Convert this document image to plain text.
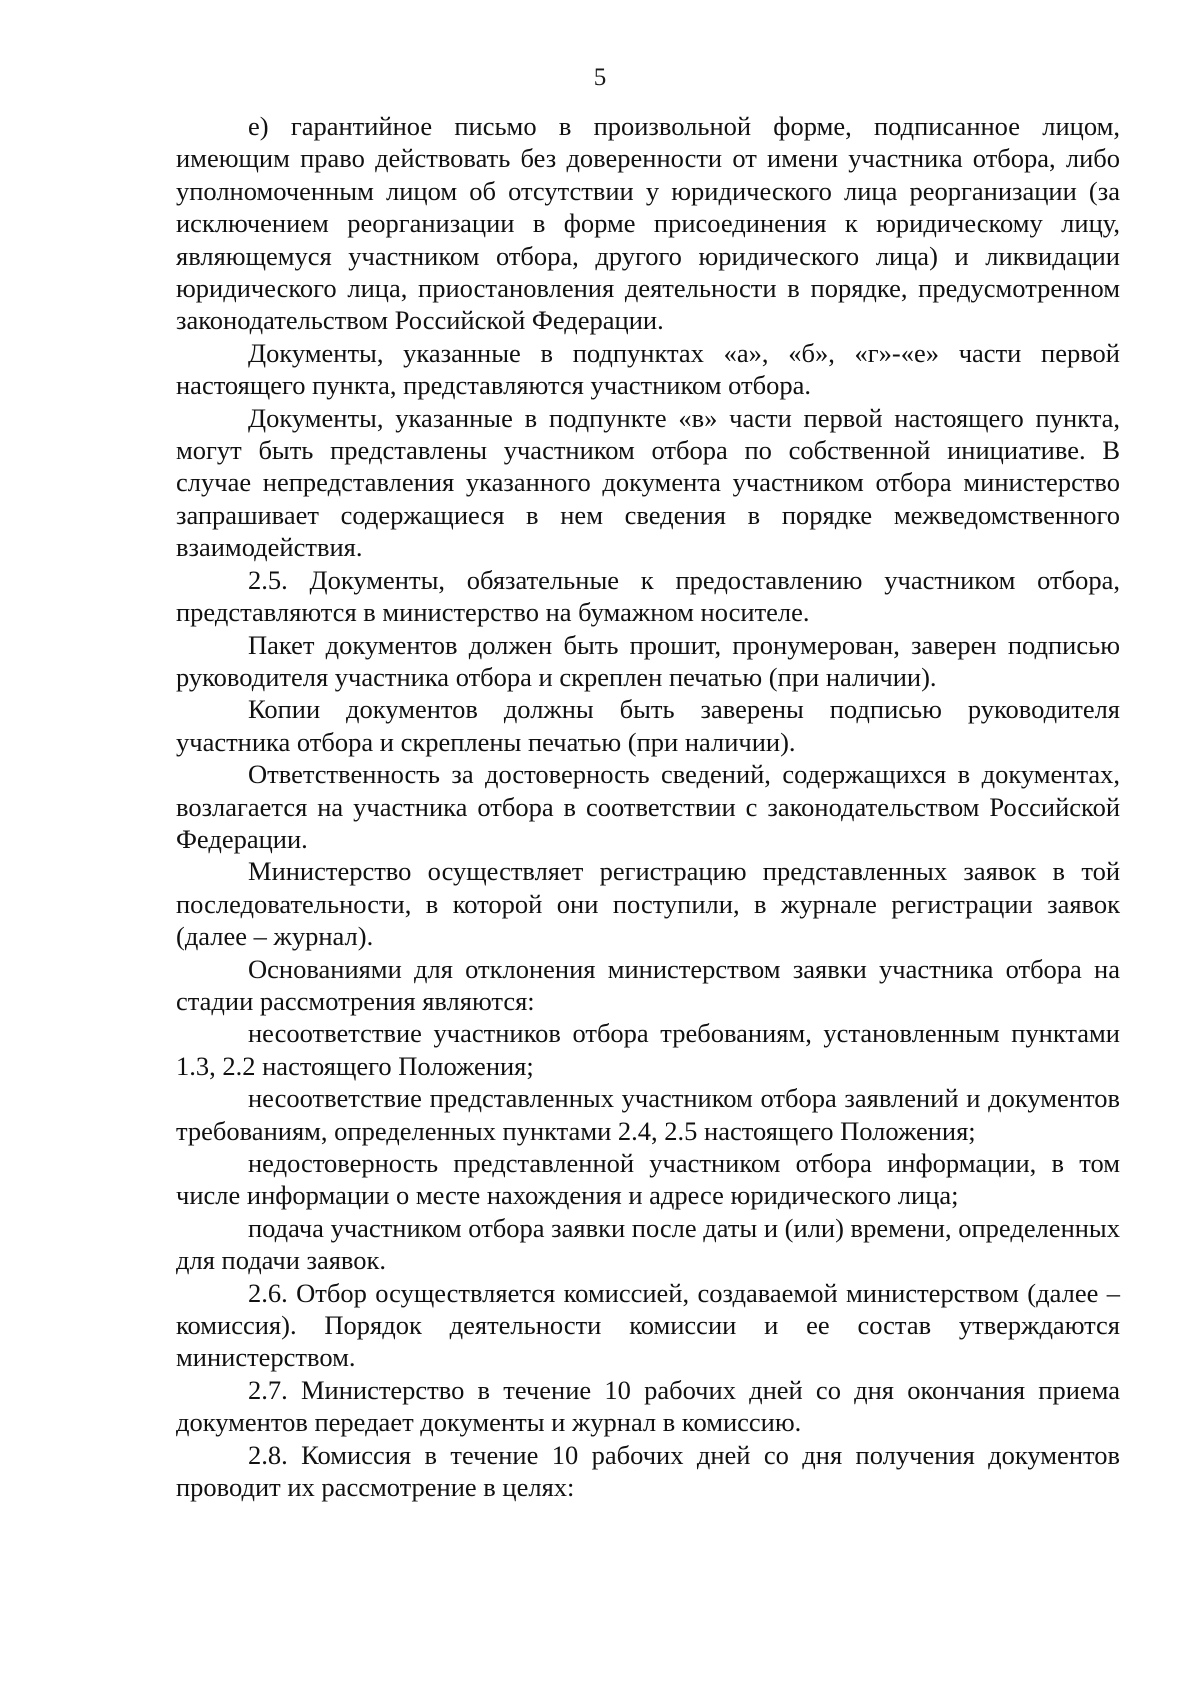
5

е) гарантийное письмо в произвольной форме, подписанное лицом, имеющим право действовать без доверенности от имени участника отбора, либо уполномоченным лицом об отсутствии у юридического лица реорганизации (за исключением реорганизации в форме присоединения к юридическому лицу, являющемуся участником отбора, другого юридического лица) и ликвидации юридического лица, приостановления деятельности в порядке, предусмотренном законодательством Российской Федерации.

Документы, указанные в подпунктах «а», «б», «г»-«е» части первой настоящего пункта, представляются участником отбора.

Документы, указанные в подпункте «в» части первой настоящего пункта, могут быть представлены участником отбора по собственной инициативе. В случае непредставления указанного документа участником отбора министерство запрашивает содержащиеся в нем сведения в порядке межведомственного взаимодействия.

2.5. Документы, обязательные к предоставлению участником отбора, представляются в министерство на бумажном носителе.

Пакет документов должен быть прошит, пронумерован, заверен подписью руководителя участника отбора и скреплен печатью (при наличии).

Копии документов должны быть заверены подписью руководителя участника отбора и скреплены печатью (при наличии).

Ответственность за достоверность сведений, содержащихся в документах, возлагается на участника отбора в соответствии с законодательством Российской Федерации.

Министерство осуществляет регистрацию представленных заявок в той последовательности, в которой они поступили, в журнале регистрации заявок (далее – журнал).

Основаниями для отклонения министерством заявки участника отбора на стадии рассмотрения являются:

несоответствие участников отбора требованиям, установленным пунктами 1.3, 2.2 настоящего Положения;

несоответствие представленных участником отбора заявлений и документов требованиям, определенных пунктами 2.4, 2.5 настоящего Положения;

недостоверность представленной участником отбора информации, в том числе информации о месте нахождения и адресе юридического лица;

подача участником отбора заявки после даты и (или) времени, определенных для подачи заявок.

2.6. Отбор осуществляется комиссией, создаваемой министерством (далее – комиссия). Порядок деятельности комиссии и ее состав утверждаются министерством.

2.7. Министерство в течение 10 рабочих дней со дня окончания приема документов передает документы и журнал в комиссию.

2.8. Комиссия в течение 10 рабочих дней со дня получения документов проводит их рассмотрение в целях:
